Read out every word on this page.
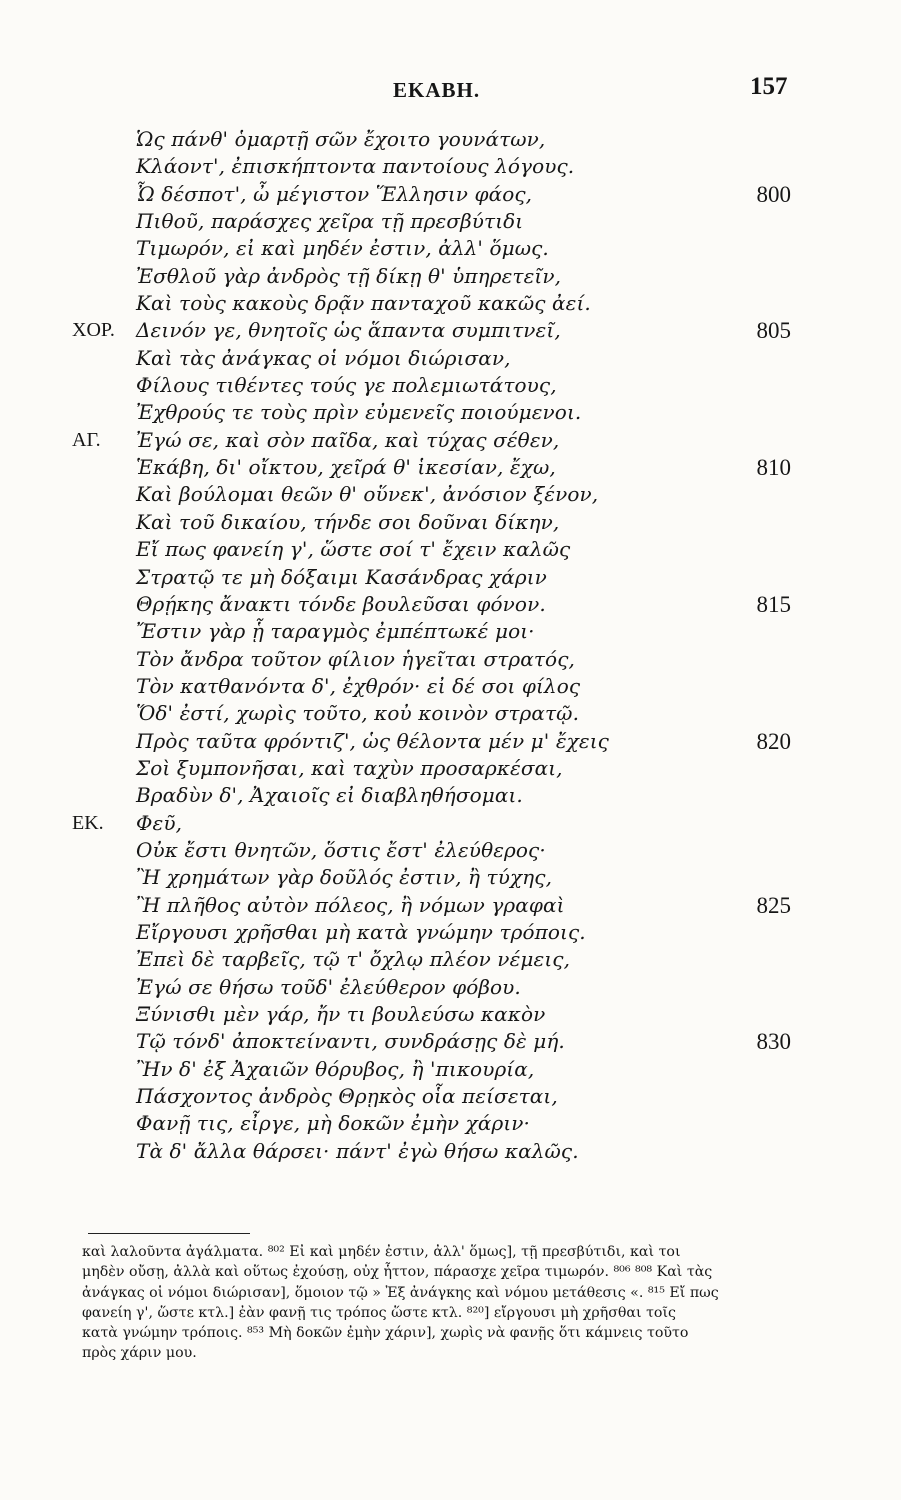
ΕΚΑΒΗ.	157
Ὡς πάνθ' ὁμαρτῇ σῶν ἔχοιτο γουνάτων,
Κλάοντ', ἐπισκήπτοντα παντοίους λόγους.
Ὦ δέσποτ', ὦ μέγιστον Ἕλλησιν φάος,	800
Πιθοῦ, παράσχες χεῖρα τῇ πρεσβύτιδι
Τιμωρόν, εἰ καὶ μηδέν ἐστιν, ἀλλ' ὅμως.
Ἐσθλοῦ γὰρ ἀνδρὸς τῇ δίκῃ θ' ὑπηρετεῖν,
Καὶ τοὺς κακοὺς δρᾷν πανταχοῦ κακῶς ἀεί.
ΧΟΡ. Δεινόν γε, θνητοῖς ὡς ἅπαντα συμπιτνεῖ,	805
Καὶ τὰς ἀνάγκας οἱ νόμοι διώρισαν,
Φίλους τιθέντες τούς γε πολεμιωτάτους,
Ἐχθρούς τε τοὺς πρὶν εὐμενεῖς ποιούμενοι.
ΑΓ. Ἐγώ σε, καὶ σὸν παῖδα, καὶ τύχας σέθεν,
Ἑκάβη, δι' οἴκτου, χεῖρά θ' ἱκεσίαν, ἔχω,	810
Καὶ βούλομαι θεῶν θ' οὕνεκ', ἀνόσιον ξένον,
Καὶ τοῦ δικαίου, τήνδε σοι δοῦναι δίκην,
Εἴ πως φανείη γ', ὥστε σοί τ' ἔχειν καλῶς
Στρατῷ τε μὴ δόξαιμι Κασάνδρας χάριν
Θρῄκης ἄνακτι τόνδε βουλεῦσαι φόνον.	815
Ἔστιν γὰρ ᾗ ταραγμὸς ἐμπέπτωκέ μοι·
Τὸν ἄνδρα τοῦτον φίλιον ἡγεῖται στρατός,
Τὸν κατθανόντα δ', ἐχθρόν· εἰ δέ σοι φίλος
Ὅδ' ἐστί, χωρὶς τοῦτο, κοὐ κοινὸν στρατῷ.
Πρὸς ταῦτα φρόντιζ', ὡς θέλοντα μέν μ' ἔχεις	820
Σοὶ ξυμπονῆσαι, καὶ ταχὺν προσαρκέσαι,
Βραδὺν δ', Ἀχαιοῖς εἰ διαβληθήσομαι.
ΕΚ. Φεῦ,
Οὐκ ἔστι θνητῶν, ὅστις ἔστ' ἐλεύθερος·
Ἢ χρημάτων γὰρ δοῦλός ἐστιν, ἢ τύχης,
Ἢ πλῆθος αὐτὸν πόλεος, ἢ νόμων γραφαὶ	825
Εἴργουσι χρῆσθαι μὴ κατὰ γνώμην τρόποις.
Ἐπεὶ δὲ ταρβεῖς, τῷ τ' ὄχλῳ πλέον νέμεις,
Ἐγώ σε θήσω τοῦδ' ἐλεύθερον φόβου.
Ξύνισθι μὲν γάρ, ἤν τι βουλεύσω κακὸν
Τῷ τόνδ' ἀποκτείναντι, συνδράσῃς δὲ μή.	830
Ἢν δ' ἐξ Ἀχαιῶν θόρυβος, ἢ 'πικουρία,
Πάσχοντος ἀνδρὸς Θρῃκὸς οἷα πείσεται,
Φανῇ τις, εἶργε, μὴ δοκῶν ἐμὴν χάριν·
Τὰ δ' ἄλλα θάρσει· πάντ' ἐγὼ θήσω καλῶς.
καὶ λαλοῦντα ἀγάλματα. ⁸⁰² Εἰ καὶ μηδέν ἐστιν, ἀλλ' ὅμως], τῇ πρεσβύτιδι, καὶ τοι
μηδὲν οὔσῃ, ἀλλὰ καὶ οὕτως ἐχούσῃ, οὐχ ἧττον, πάρασχε χεῖρα τιμωρόν. ⁸⁰⁶ ⁸⁰⁸ Καὶ τὰς
ἀνάγκας οἱ νόμοι διώρισαν], ὅμοιον τῷ » Ἐξ ἀνάγκης καὶ νόμου μετάθεσις «. ⁸¹⁵ Εἴ πως
φανείη γ', ὥστε κτλ.] ἐὰν φανῇ τις τρόπος ὥστε κτλ. ⁸²⁰] εἴργουσι μὴ χρῆσθαι τοῖς
κατὰ γνώμην τρόποις. ⁸⁵³ Μὴ δοκῶν ἐμὴν χάριν], χωρὶς νὰ φανῇς ὅτι κάμνεις τοῦτο
πρὸς χάριν μου.
